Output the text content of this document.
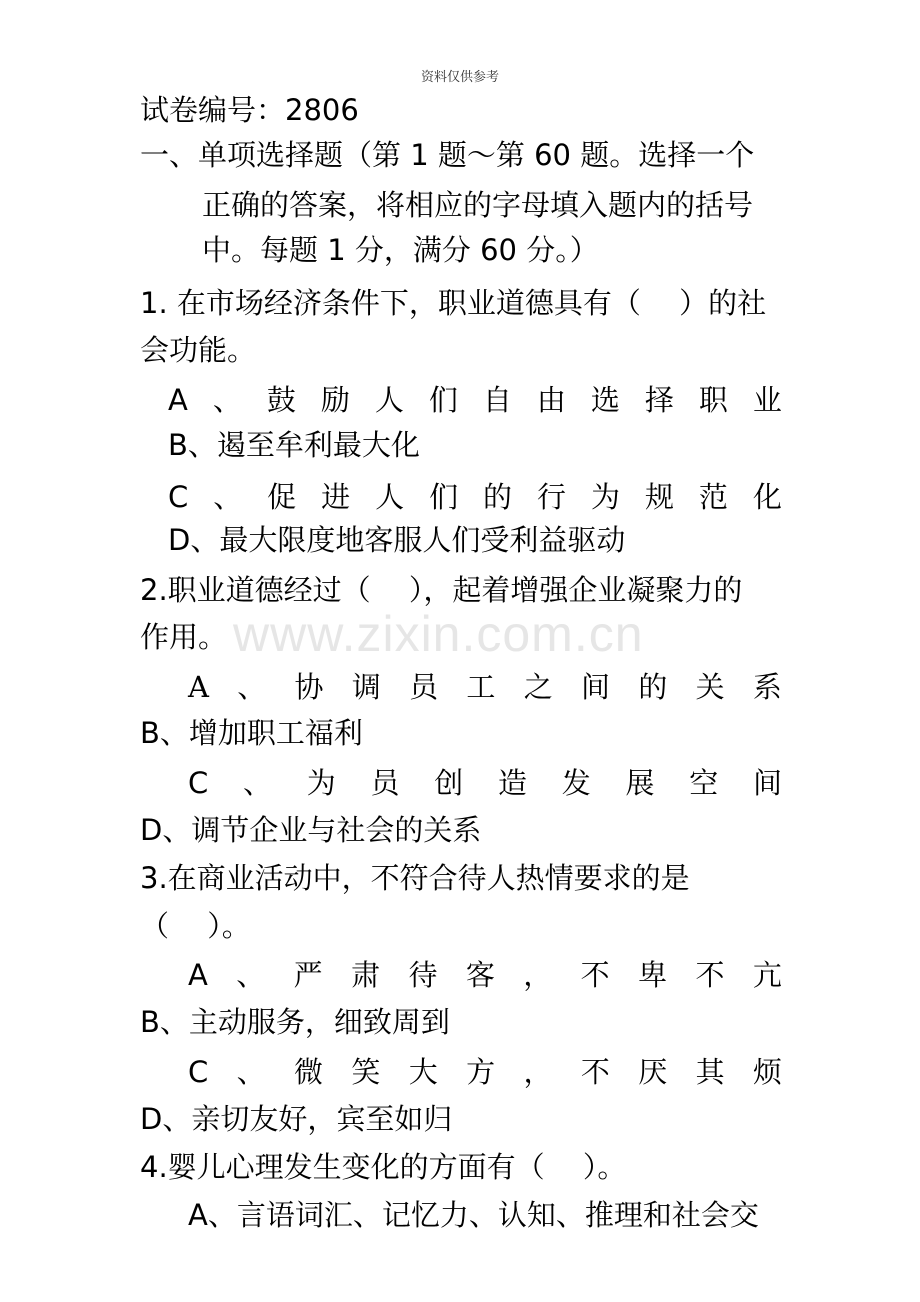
资料仅供参考
www.zixin.com.cn
试卷编号：2806
一、单项选择题（第 1 题～第 60 题。选择一个
正确的答案，将相应的字母填入题内的括号
中。每题 1 分，满分 60 分。）
1. 在市场经济条件下，职业道德具有（　 ）的社
会功能。
A 、 鼓 励 人 们 自 由 选 择 职 业
B、遏至牟利最大化
C 、 促 进 人 们 的 行 为 规 范 化
D、最大限度地客服人们受利益驱动
2.职业道德经过（　 ），起着增强企业凝聚力的
作用。
A 、 协 调 员 工 之 间 的 关 系
B、增加职工福利
C 、 为 员 创 造 发 展 空 间
D、调节企业与社会的关系
3.在商业活动中，不符合待人热情要求的是
（　 ）。
A 、 严 肃 待 客 ， 不 卑 不 亢
B、主动服务，细致周到
C 、 微 笑 大 方 ， 不 厌 其 烦
D、亲切友好，宾至如归
4.婴儿心理发生变化的方面有（　 ）。
A、言语词汇、记忆力、认知、推理和社会交
